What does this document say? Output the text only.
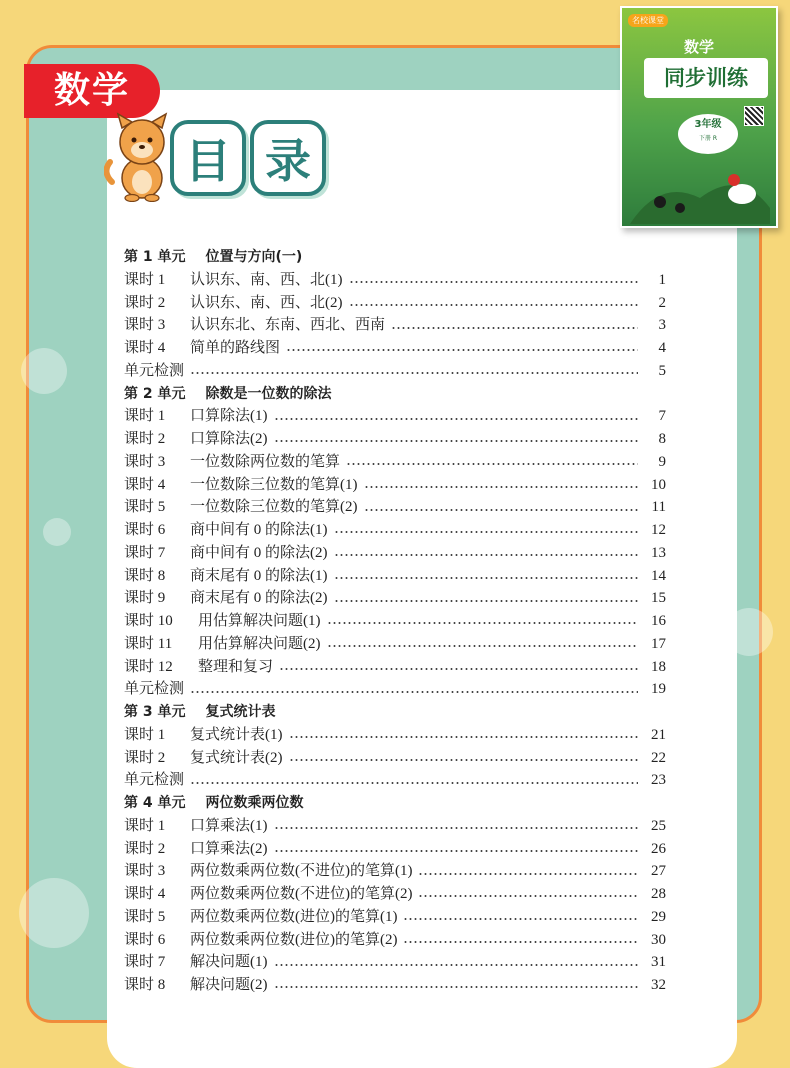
数学
目 录
名校课堂
数学
同步训练
3年级
下册 R
第 1 单元 位置与方向(一)
课时 1	认识东、南、西、北(1)	1
课时 2	认识东、南、西、北(2)	2
课时 3	认识东北、东南、西北、西南	3
课时 4	简单的路线图	4
单元检测	5
第 2 单元 除数是一位数的除法
课时 1	口算除法(1)	7
课时 2	口算除法(2)	8
课时 3	一位数除两位数的笔算	9
课时 4	一位数除三位数的笔算(1)	10
课时 5	一位数除三位数的笔算(2)	11
课时 6	商中间有 0 的除法(1)	12
课时 7	商中间有 0 的除法(2)	13
课时 8	商末尾有 0 的除法(1)	14
课时 9	商末尾有 0 的除法(2)	15
课时 10	用估算解决问题(1)	16
课时 11	用估算解决问题(2)	17
课时 12	整理和复习	18
单元检测	19
第 3 单元 复式统计表
课时 1	复式统计表(1)	21
课时 2	复式统计表(2)	22
单元检测	23
第 4 单元 两位数乘两位数
课时 1	口算乘法(1)	25
课时 2	口算乘法(2)	26
课时 3	两位数乘两位数(不进位)的笔算(1)	27
课时 4	两位数乘两位数(不进位)的笔算(2)	28
课时 5	两位数乘两位数(进位)的笔算(1)	29
课时 6	两位数乘两位数(进位)的笔算(2)	30
课时 7	解决问题(1)	31
课时 8	解决问题(2)	32
